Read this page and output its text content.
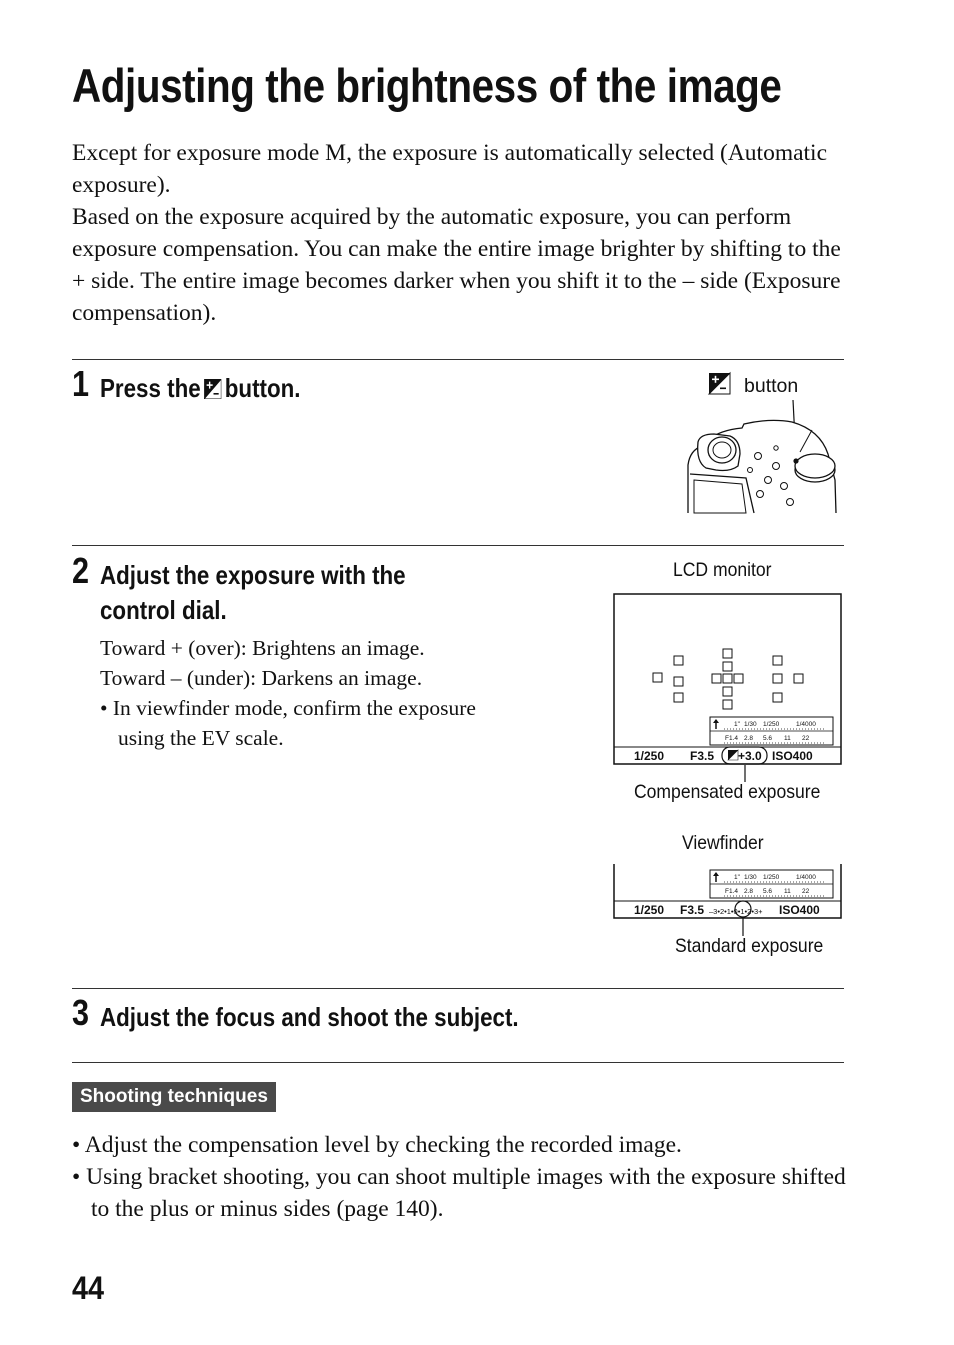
Adjusting the brightness of the image

Except for exposure mode M, the exposure is automatically selected (Automatic exposure).

Based on the exposure acquired by the automatic exposure, you can perform exposure compensation. You can make the entire image brighter by shifting to the + side. The entire image becomes darker when you shift it to the – side (Exposure compensation).

1 Press the button.	button
2 Adjust the exposure with the
control dial.
Toward + (over): Brightens an image.
Toward – (under): Darkens an image.
• In viewfinder mode, confirm the exposure using the EV scale.
LCD monitor
1" 1/30 1/250	1/4000
F1.4 2.8 5.6 11 22
1/250 F3.5 +3.0 ISO400
Compensated exposure
Viewfinder
1" 1/30 1/250	1/4000
F1.4 2.8 5.6 11 22
1/250 F3.5 –3•2•1•0•1•2•3+ ISO400
Standard exposure
3 Adjust the focus and shoot the subject.
Shooting techniques
• Adjust the compensation level by checking the recorded image.
• Using bracket shooting, you can shoot multiple images with the exposure shifted to the plus or minus sides (page 140).
44
